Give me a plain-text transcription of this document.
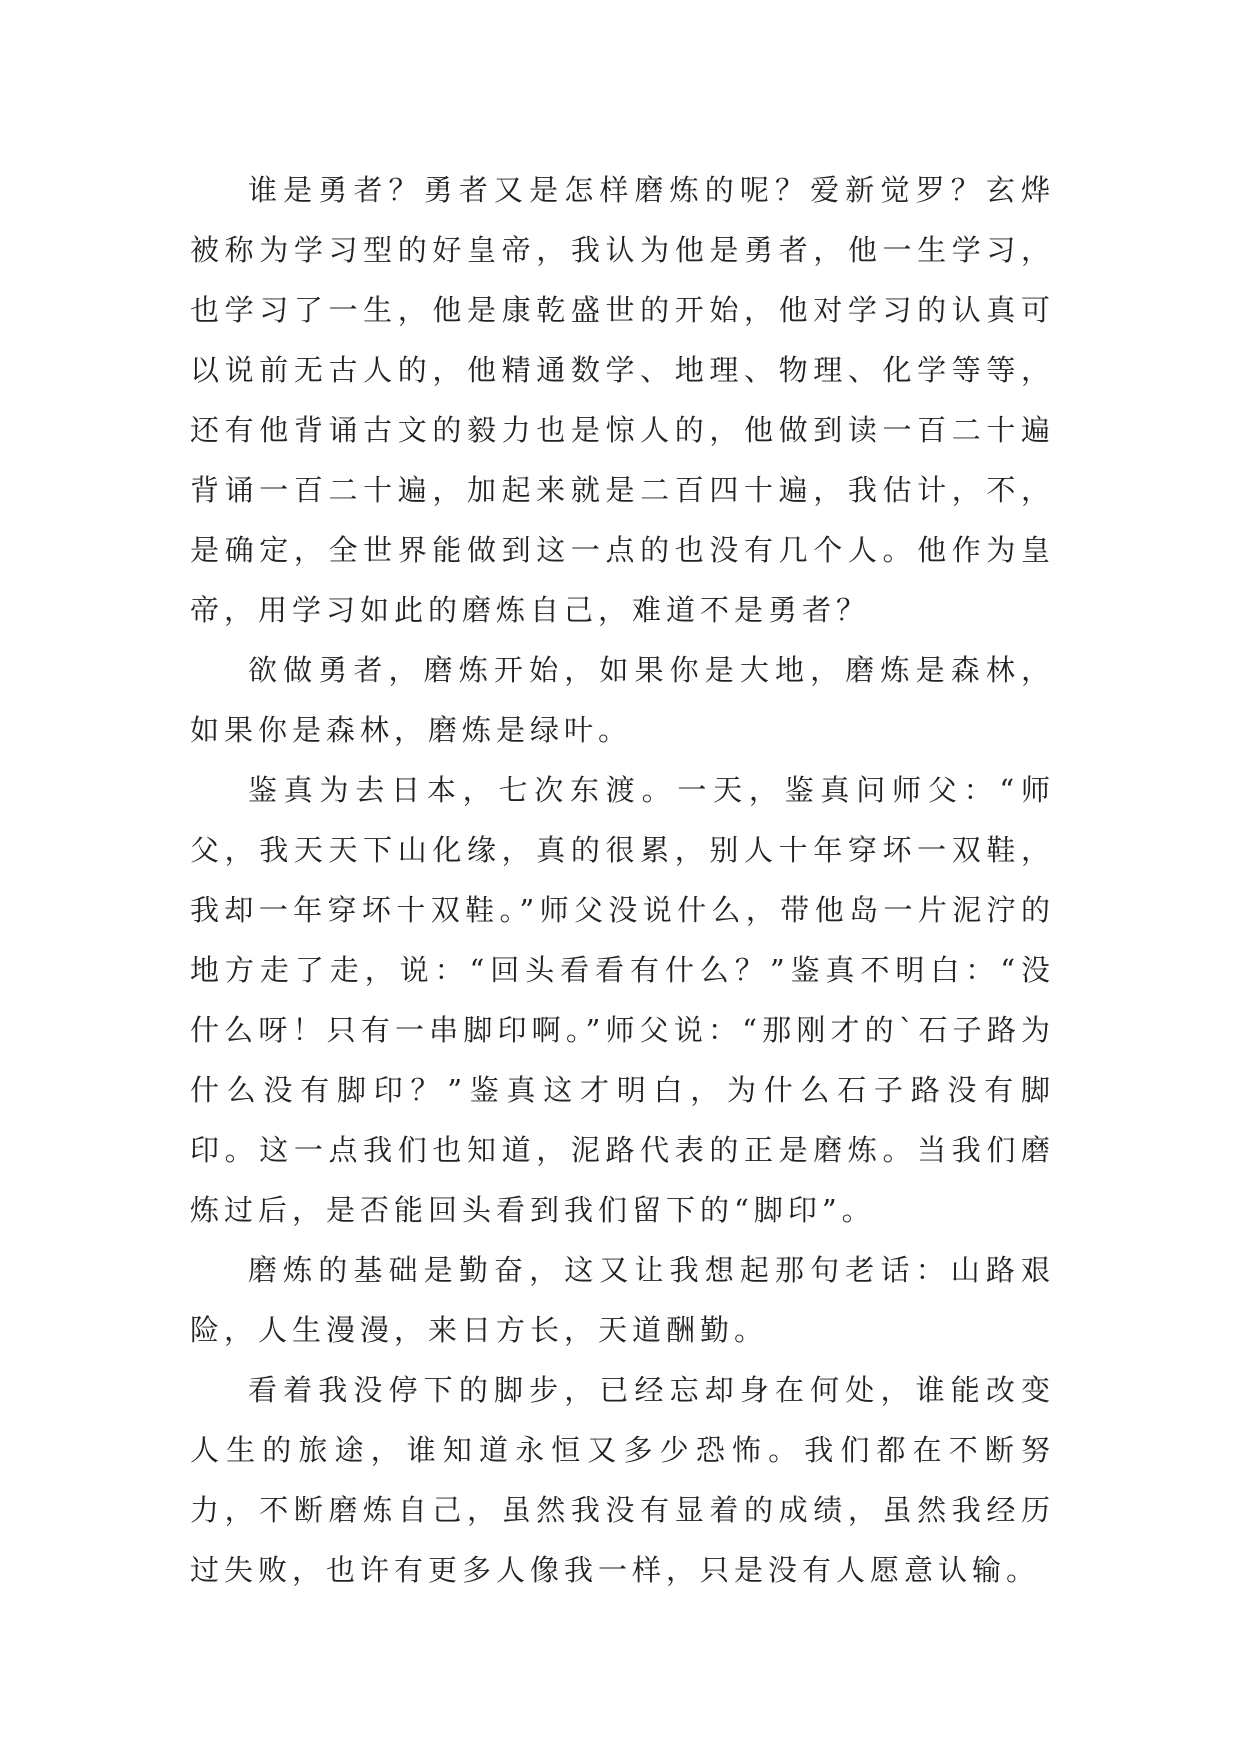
谁是勇者？勇者又是怎样磨炼的呢？爱新觉罗？玄烨被称为学习型的好皇帝，我认为他是勇者，他一生学习，也学习了一生，他是康乾盛世的开始，他对学习的认真可以说前无古人的，他精通数学、地理、物理、化学等等，还有他背诵古文的毅力也是惊人的，他做到读一百二十遍背诵一百二十遍，加起来就是二百四十遍，我估计，不，是确定，全世界能做到这一点的也没有几个人。他作为皇帝，用学习如此的磨炼自己，难道不是勇者？

欲做勇者，磨炼开始，如果你是大地，磨炼是森林，如果你是森林，磨炼是绿叶。

鉴真为去日本，七次东渡。一天，鉴真问师父：“师父，我天天下山化缘，真的很累，别人十年穿坏一双鞋，我却一年穿坏十双鞋。”师父没说什么，带他岛一片泥泞的地方走了走，说：“回头看看有什么？”鉴真不明白：“没什么呀！只有一串脚印啊。”师父说：“那刚才的`石子路为什么没有脚印？”鉴真这才明白，为什么石子路没有脚印。这一点我们也知道，泥路代表的正是磨炼。当我们磨炼过后，是否能回头看到我们留下的“脚印”。

磨炼的基础是勤奋，这又让我想起那句老话：山路艰险，人生漫漫，来日方长，天道酬勤。

看着我没停下的脚步，已经忘却身在何处，谁能改变人生的旅途，谁知道永恒又多少恐怖。我们都在不断努力，不断磨炼自己，虽然我没有显着的成绩，虽然我经历过失败，也许有更多人像我一样，只是没有人愿意认输。
